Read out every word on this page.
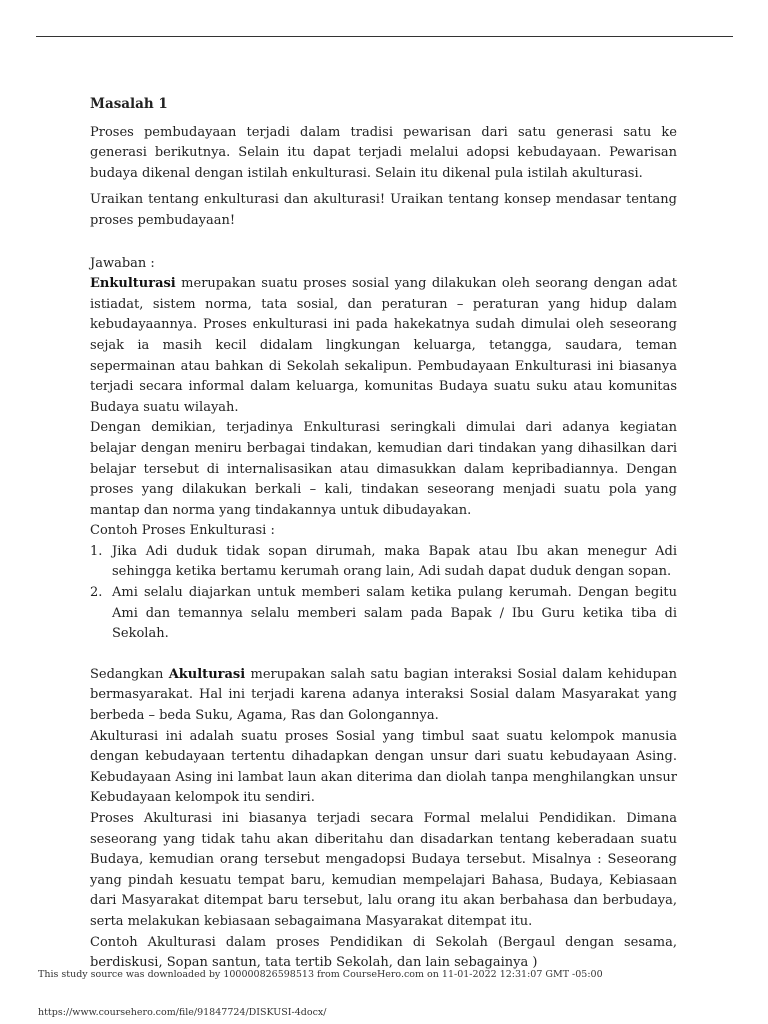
Masalah 1

Proses pembudayaan terjadi dalam tradisi pewarisan dari satu generasi satu ke generasi berikutnya. Selain itu dapat terjadi melalui adopsi kebudayaan. Pewarisan budaya dikenal dengan istilah enkulturasi. Selain itu dikenal pula istilah akulturasi.

Uraikan tentang enkulturasi dan akulturasi! Uraikan tentang konsep mendasar tentang proses pembudayaan!

Jawaban :

Enkulturasi merupakan suatu proses sosial yang dilakukan oleh seorang dengan adat istiadat, sistem norma, tata sosial, dan peraturan – peraturan yang hidup dalam kebudayaannya. Proses enkulturasi ini pada hakekatnya sudah dimulai oleh seseorang sejak ia masih kecil didalam lingkungan keluarga, tetangga, saudara, teman sepermainan atau bahkan di Sekolah sekalipun. Pembudayaan Enkulturasi ini biasanya terjadi secara informal dalam keluarga, komunitas Budaya suatu suku atau komunitas Budaya suatu wilayah.

Dengan demikian, terjadinya Enkulturasi seringkali dimulai dari adanya kegiatan belajar dengan meniru berbagai tindakan, kemudian dari tindakan yang dihasilkan dari belajar tersebut di internalisasikan atau dimasukkan dalam kepribadiannya. Dengan proses yang dilakukan berkali – kali, tindakan seseorang menjadi suatu pola yang mantap dan norma yang tindakannya untuk dibudayakan.

Contoh Proses Enkulturasi :

1. Jika Adi duduk tidak sopan dirumah, maka Bapak atau Ibu akan menegur Adi sehingga ketika bertamu kerumah orang lain, Adi sudah dapat duduk dengan sopan.
2. Ami selalu diajarkan untuk memberi salam ketika pulang kerumah. Dengan begitu Ami dan temannya selalu memberi salam pada Bapak / Ibu Guru ketika tiba di Sekolah.

Sedangkan Akulturasi merupakan salah satu bagian interaksi Sosial dalam kehidupan bermasyarakat. Hal ini terjadi karena adanya interaksi Sosial dalam Masyarakat yang berbeda – beda Suku, Agama, Ras dan Golongannya.

Akulturasi ini adalah suatu proses Sosial yang timbul saat suatu kelompok manusia dengan kebudayaan tertentu dihadapkan dengan unsur dari suatu kebudayaan Asing. Kebudayaan Asing ini lambat laun akan diterima dan diolah tanpa menghilangkan unsur Kebudayaan kelompok itu sendiri.

Proses Akulturasi ini biasanya terjadi secara Formal melalui Pendidikan. Dimana seseorang yang tidak tahu akan diberitahu dan disadarkan tentang keberadaan suatu Budaya, kemudian orang tersebut mengadopsi Budaya tersebut. Misalnya : Seseorang yang pindah kesuatu tempat baru, kemudian mempelajari Bahasa, Budaya, Kebiasaan dari Masyarakat ditempat baru tersebut, lalu orang itu akan berbahasa dan berbudaya, serta melakukan kebiasaan sebagaimana Masyarakat ditempat itu.

Contoh Akulturasi dalam proses Pendidikan di Sekolah (Bergaul dengan sesama, berdiskusi, Sopan santun, tata tertib Sekolah, dan lain sebagainya )

This study source was downloaded by 100000826598513 from CourseHero.com on 11-01-2022 12:31:07 GMT -05:00
https://www.coursehero.com/file/91847724/DISKUSI-4docx/
